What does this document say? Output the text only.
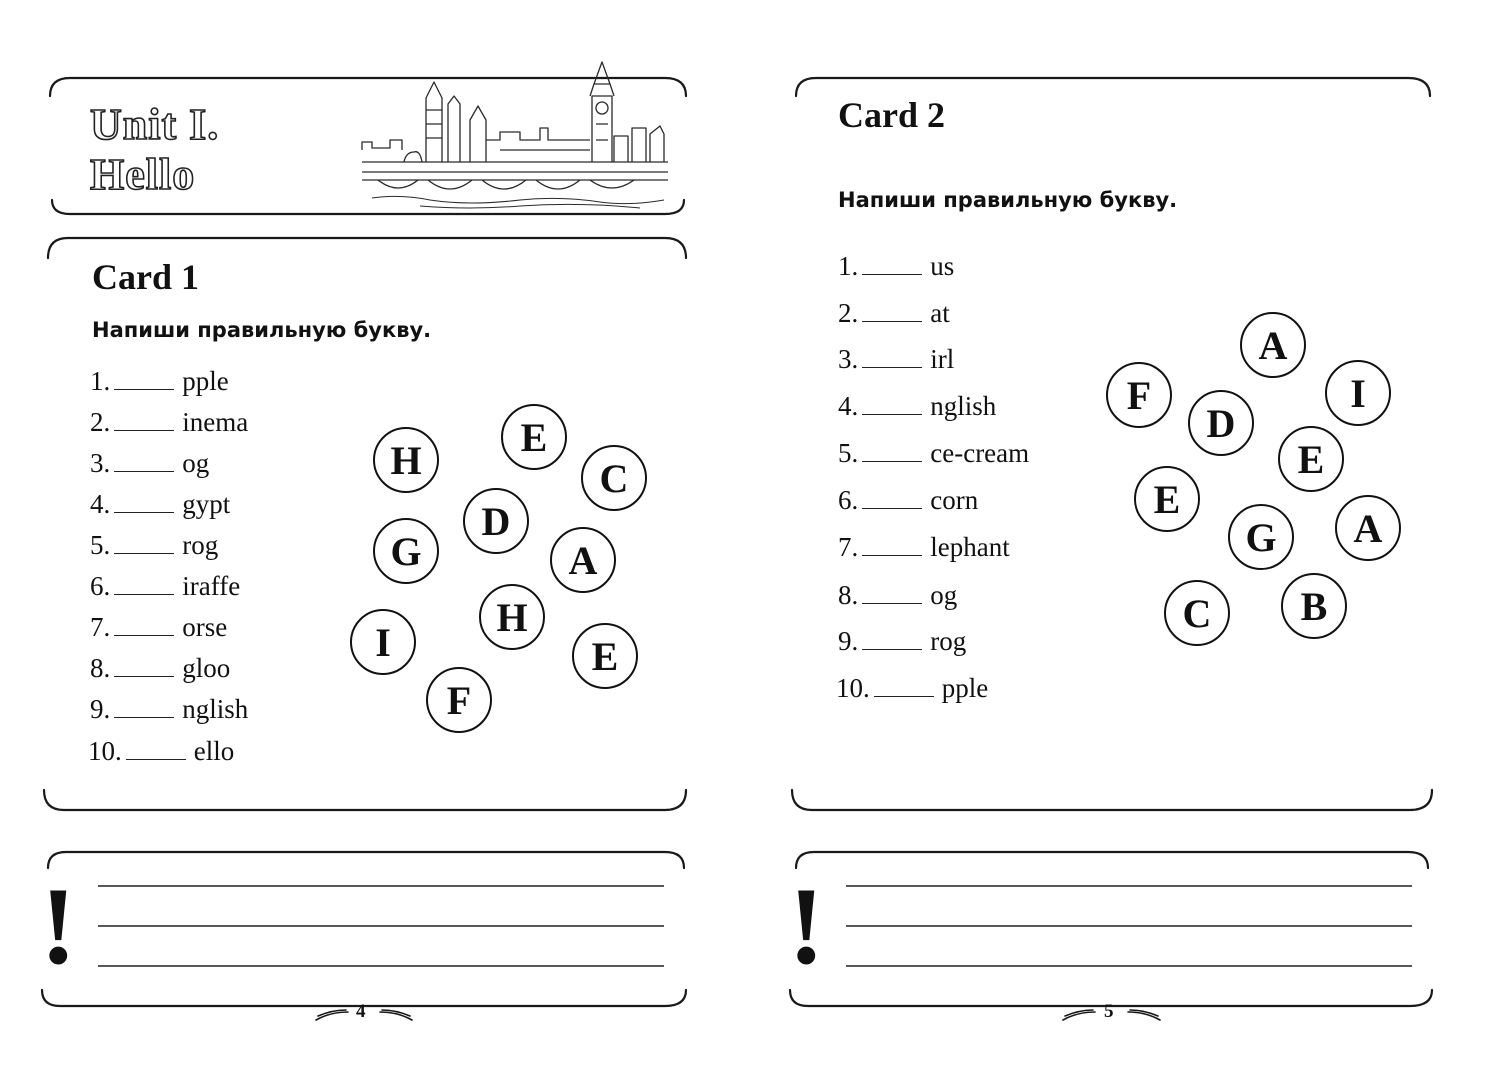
Unit I.
Hello
Card 1
Напиши правильную букву.
1.	pple
2.	inema
3.	og
4.	gypt
5.	rog
6.	iraffe
7.	orse
8.	gloo
9.	nglish
10.	ello
H
E
C
D
G	A
H
I	E
F
!
4
Card 2
Напиши правильную букву.
1.	us
2.	at
3.	irl
4.	nglish
5.	ce-cream
6.	corn
7.	lephant
8.	og
9.	rog
10.	pple
A
F	I
D
E
E
A
G
C	B
!
5
